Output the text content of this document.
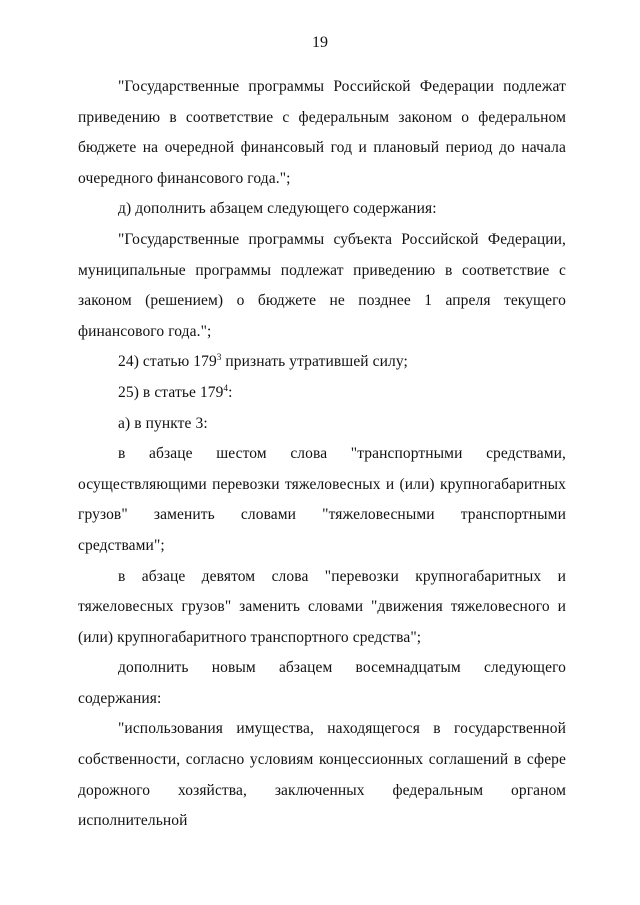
19

"Государственные программы Российской Федерации подлежат приведению в соответствие с федеральным законом о федеральном бюджете на очередной финансовый год и плановый период до начала очередного финансового года.";

д) дополнить абзацем следующего содержания:

"Государственные программы субъекта Российской Федерации, муниципальные программы подлежат приведению в соответствие с законом (решением) о бюджете не позднее 1 апреля текущего финансового года.";

24) статью $179^3$ признать утратившей силу;

25) в статье $179^4$:

а) в пункте 3:

в абзаце шестом слова "транспортными средствами, осуществляющими перевозки тяжеловесных и (или) крупногабаритных грузов" заменить словами "тяжеловесными транспортными средствами";

в абзаце девятом слова "перевозки крупногабаритных и тяжеловесных грузов" заменить словами "движения тяжеловесного и (или) крупногабаритного транспортного средства";

дополнить новым абзацем восемнадцатым следующего содержания:

"использования имущества, находящегося в государственной собственности, согласно условиям концессионных соглашений в сфере дорожного хозяйства, заключенных федеральным органом исполнительной
